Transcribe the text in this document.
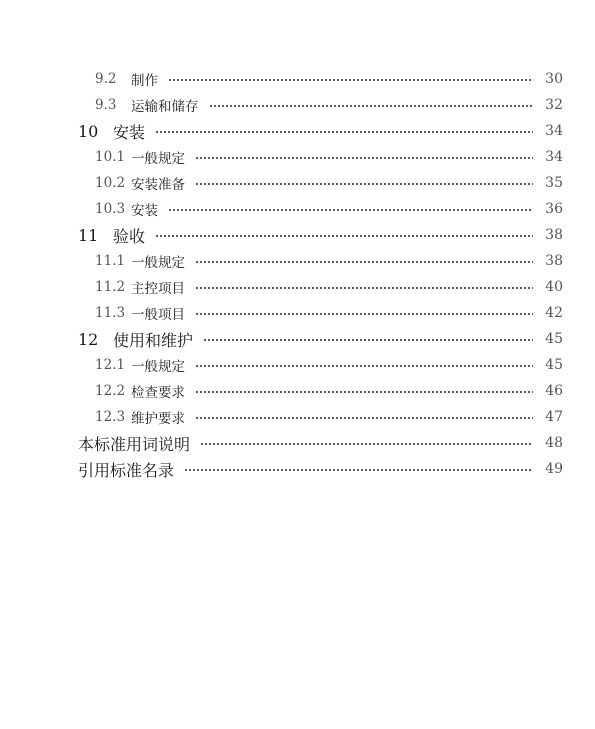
9.2	制作	30
9.3	运输和储存	32
10 安装	34
10.1 一般规定	34
10.2 安装准备	35
10.3 安装	36
11 验收	38
11.1 一般规定	38
11.2 主控项目	40
11.3 一般项目	42
12 使用和维护	45
12.1 一般规定	45
12.2 检查要求	46
12.3 维护要求	47
本标准用词说明	48
引用标准名录	49
